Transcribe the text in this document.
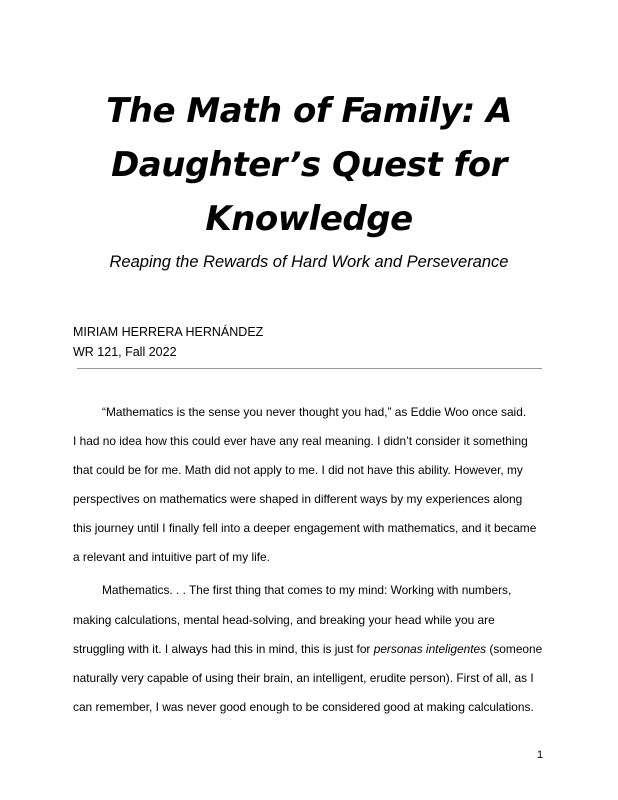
The Math of Family: A
Daughter’s Quest for
Knowledge

Reaping the Rewards of Hard Work and Perseverance

MIRIAM HERRERA HERNÁNDEZ
WR 121, Fall 2022
“Mathematics is the sense you never thought you had,” as Eddie Woo once said.
I had no idea how this could ever have any real meaning. I didn’t consider it something
that could be for me. Math did not apply to me. I did not have this ability. However, my
perspectives on mathematics were shaped in different ways by my experiences along
this journey until I finally fell into a deeper engagement with mathematics, and it became
a relevant and intuitive part of my life.
Mathematics. . . The first thing that comes to my mind: Working with numbers,
making calculations, mental head-solving, and breaking your head while you are
struggling with it. I always had this in mind, this is just for personas inteligentes (someone
naturally very capable of using their brain, an intelligent, erudite person). First of all, as I
can remember, I was never good enough to be considered good at making calculations.
1
